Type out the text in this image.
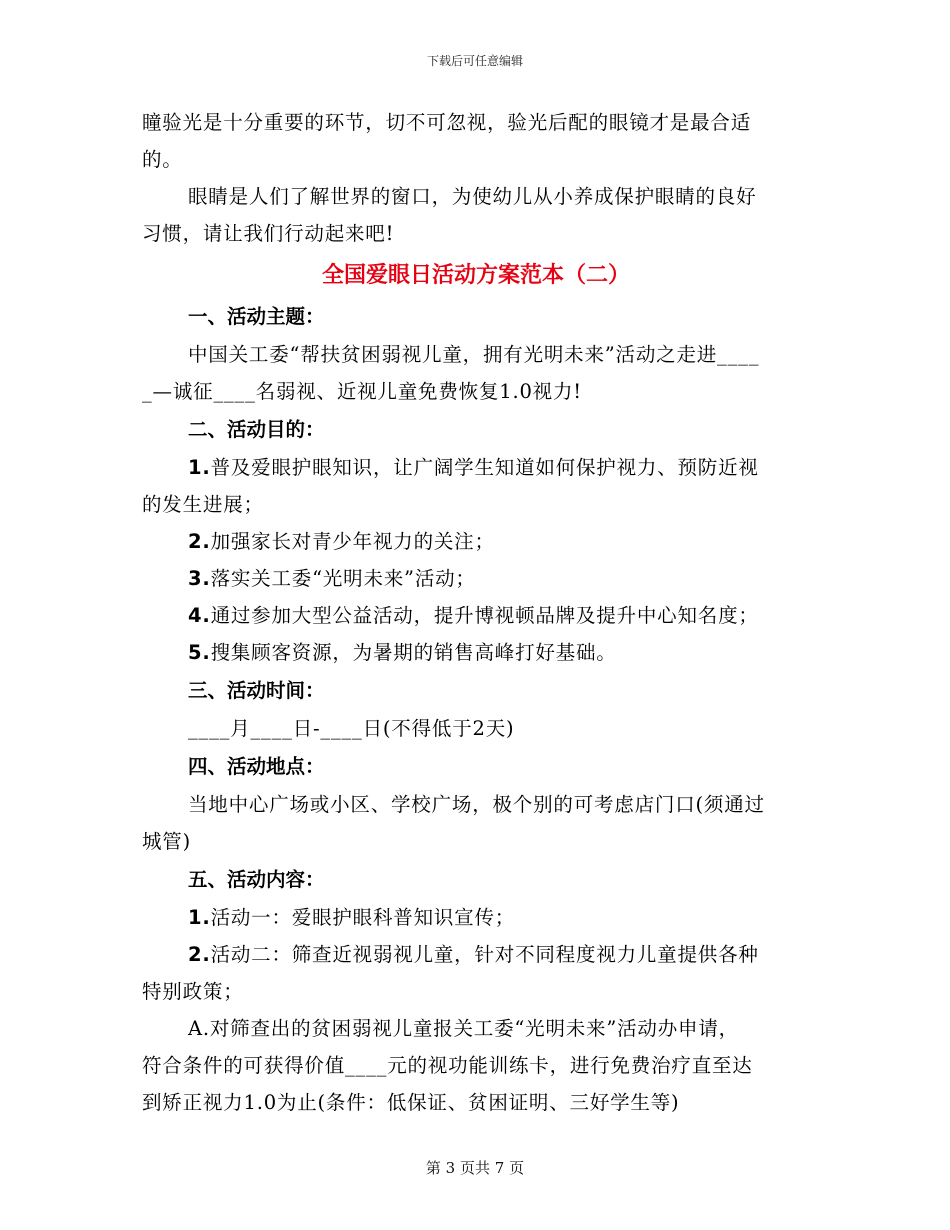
下载后可任意编辑

瞳验光是十分重要的环节，切不可忽视，验光后配的眼镜才是最合适

的。

眼睛是人们了解世界的窗口，为使幼儿从小养成保护眼睛的良好

习惯，请让我们行动起来吧!

全国爱眼日活动方案范本（二）
一、活动主题：

中国关工委“帮扶贫困弱视儿童，拥有光明未来”活动之走进____

_—诚征____名弱视、近视儿童免费恢复1.0视力!

二、活动目的：

1.普及爱眼护眼知识，让广阔学生知道如何保护视力、预防近视

的发生进展；

2.加强家长对青少年视力的关注；

3.落实关工委“光明未来”活动；

4.通过参加大型公益活动，提升博视顿品牌及提升中心知名度；

5.搜集顾客资源，为暑期的销售高峰打好基础。

三、活动时间：

____月____日-____日(不得低于2天)

四、活动地点：

当地中心广场或小区、学校广场，极个别的可考虑店门口(须通过

城管)

五、活动内容：

1.活动一：爱眼护眼科普知识宣传；

2.活动二：筛查近视弱视儿童，针对不同程度视力儿童提供各种

特别政策；

A.对筛查出的贫困弱视儿童报关工委“光明未来”活动办申请，

符合条件的可获得价值____元的视功能训练卡，进行免费治疗直至达

到矫正视力1.0为止(条件：低保证、贫困证明、三好学生等)

第 3 页共 7 页
